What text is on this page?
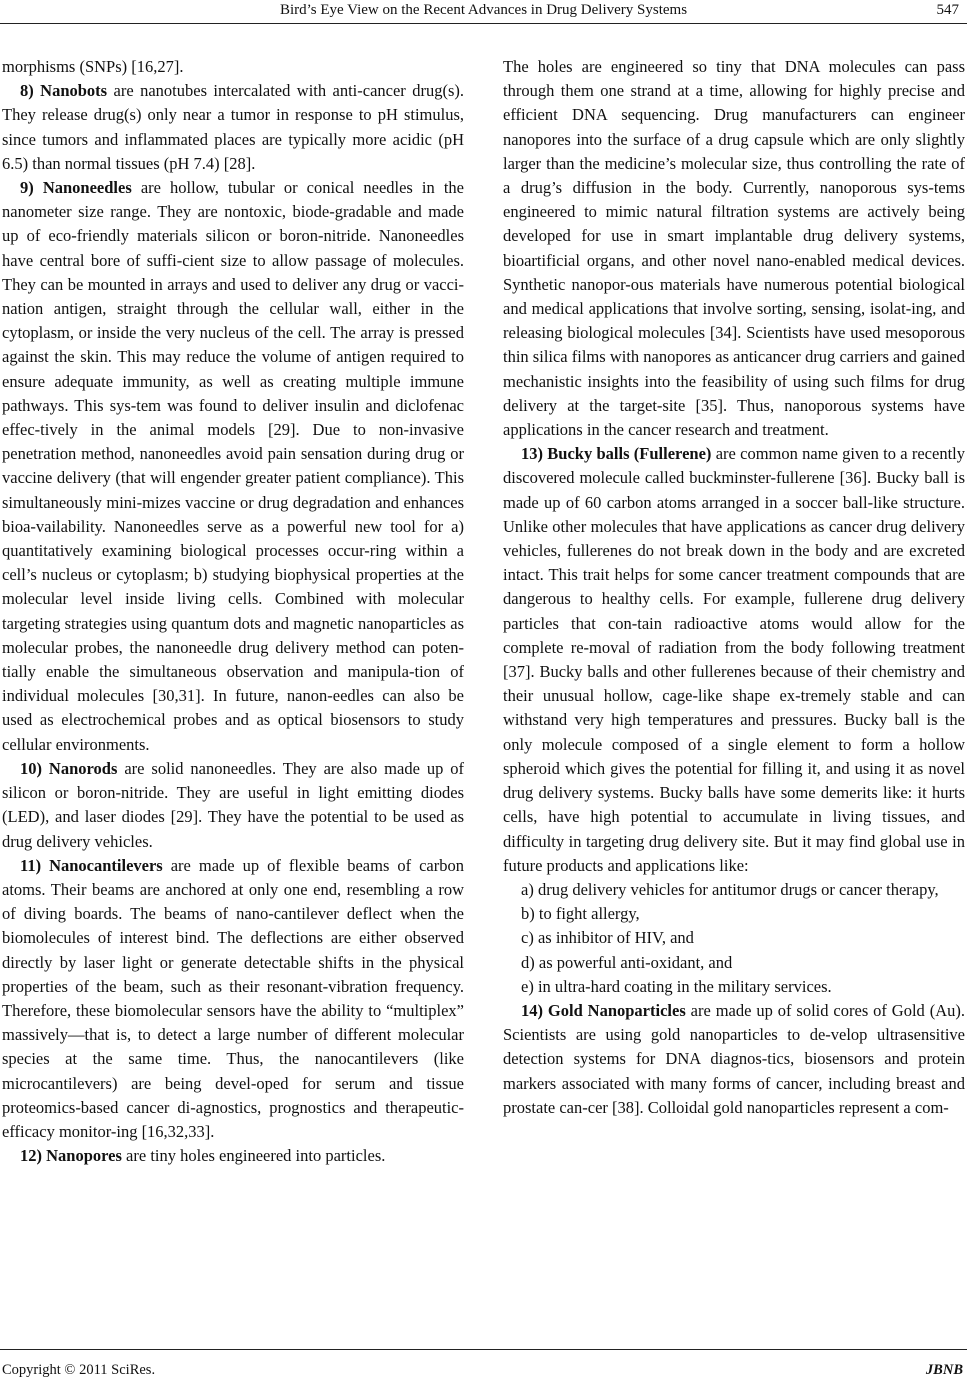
Bird’s Eye View on the Recent Advances in Drug Delivery Systems	547

morphisms (SNPs) [16,27].

8) Nanobots are nanotubes intercalated with anti-cancer drug(s). They release drug(s) only near a tumor in response to pH stimulus, since tumors and inflammated places are typically more acidic (pH 6.5) than normal tissues (pH 7.4) [28].

9) Nanoneedles are hollow, tubular or conical needles in the nanometer size range. They are nontoxic, biode-gradable and made up of eco-friendly materials silicon or boron-nitride. Nanoneedles have central bore of suffi-cient size to allow passage of molecules. They can be mounted in arrays and used to deliver any drug or vacci-nation antigen, straight through the cellular wall, either in the cytoplasm, or inside the very nucleus of the cell. The array is pressed against the skin. This may reduce the volume of antigen required to ensure adequate immunity, as well as creating multiple immune pathways. This sys-tem was found to deliver insulin and diclofenac effec-tively in the animal models [29]. Due to non-invasive penetration method, nanoneedles avoid pain sensation during drug or vaccine delivery (that will engender greater patient compliance). This simultaneously mini-mizes vaccine or drug degradation and enhances bioa-vailability. Nanoneedles serve as a powerful new tool for a) quantitatively examining biological processes occur-ring within a cell’s nucleus or cytoplasm; b) studying biophysical properties at the molecular level inside living cells. Combined with molecular targeting strategies using quantum dots and magnetic nanoparticles as molecular probes, the nanoneedle drug delivery method can poten-tially enable the simultaneous observation and manipula-tion of individual molecules [30,31]. In future, nanon-eedles can also be used as electrochemical probes and as optical biosensors to study cellular environments.

10) Nanorods are solid nanoneedles. They are also made up of silicon or boron-nitride. They are useful in light emitting diodes (LED), and laser diodes [29]. They have the potential to be used as drug delivery vehicles.

11) Nanocantilevers are made up of flexible beams of carbon atoms. Their beams are anchored at only one end, resembling a row of diving boards. The beams of nano-cantilever deflect when the biomolecules of interest bind. The deflections are either observed directly by laser light or generate detectable shifts in the physical properties of the beam, such as their resonant-vibration frequency. Therefore, these biomolecular sensors have the ability to “multiplex” massively—that is, to detect a large number of different molecular species at the same time. Thus, the nanocantilevers (like microcantilevers) are being devel-oped for serum and tissue proteomics-based cancer di-agnostics, prognostics and therapeutic-efficacy monitor-ing [16,32,33].

12) Nanopores are tiny holes engineered into particles.

The holes are engineered so tiny that DNA molecules can pass through them one strand at a time, allowing for highly precise and efficient DNA sequencing. Drug manufacturers can engineer nanopores into the surface of a drug capsule which are only slightly larger than the medicine’s molecular size, thus controlling the rate of a drug’s diffusion in the body. Currently, nanoporous sys-tems engineered to mimic natural filtration systems are actively being developed for use in smart implantable drug delivery systems, bioartificial organs, and other novel nano-enabled medical devices. Synthetic nanopor-ous materials have numerous potential biological and medical applications that involve sorting, sensing, isolat-ing, and releasing biological molecules [34]. Scientists have used mesoporous thin silica films with nanopores as anticancer drug carriers and gained mechanistic insights into the feasibility of using such films for drug delivery at the target-site [35]. Thus, nanoporous systems have applications in the cancer research and treatment.

13) Bucky balls (Fullerene) are common name given to a recently discovered molecule called buckminster-fullerene [36]. Bucky ball is made up of 60 carbon atoms arranged in a soccer ball-like structure. Unlike other molecules that have applications as cancer drug delivery vehicles, fullerenes do not break down in the body and are excreted intact. This trait helps for some cancer treatment compounds that are dangerous to healthy cells. For example, fullerene drug delivery particles that con-tain radioactive atoms would allow for the complete re-moval of radiation from the body following treatment [37]. Bucky balls and other fullerenes because of their chemistry and their unusual hollow, cage-like shape ex-tremely stable and can withstand very high temperatures and pressures. Bucky ball is the only molecule composed of a single element to form a hollow spheroid which gives the potential for filling it, and using it as novel drug delivery systems. Bucky balls have some demerits like: it hurts cells, have high potential to accumulate in living tissues, and difficulty in targeting drug delivery site. But it may find global use in future products and applications like:

a) drug delivery vehicles for antitumor drugs or cancer therapy,

b) to fight allergy,

c) as inhibitor of HIV, and

d) as powerful anti-oxidant, and

e) in ultra-hard coating in the military services.

14) Gold Nanoparticles are made up of solid cores of Gold (Au). Scientists are using gold nanoparticles to de-velop ultrasensitive detection systems for DNA diagnos-tics, biosensors and protein markers associated with many forms of cancer, including breast and prostate can-cer [38]. Colloidal gold nanoparticles represent a com-

Copyright © 2011 SciRes.	JBNB
